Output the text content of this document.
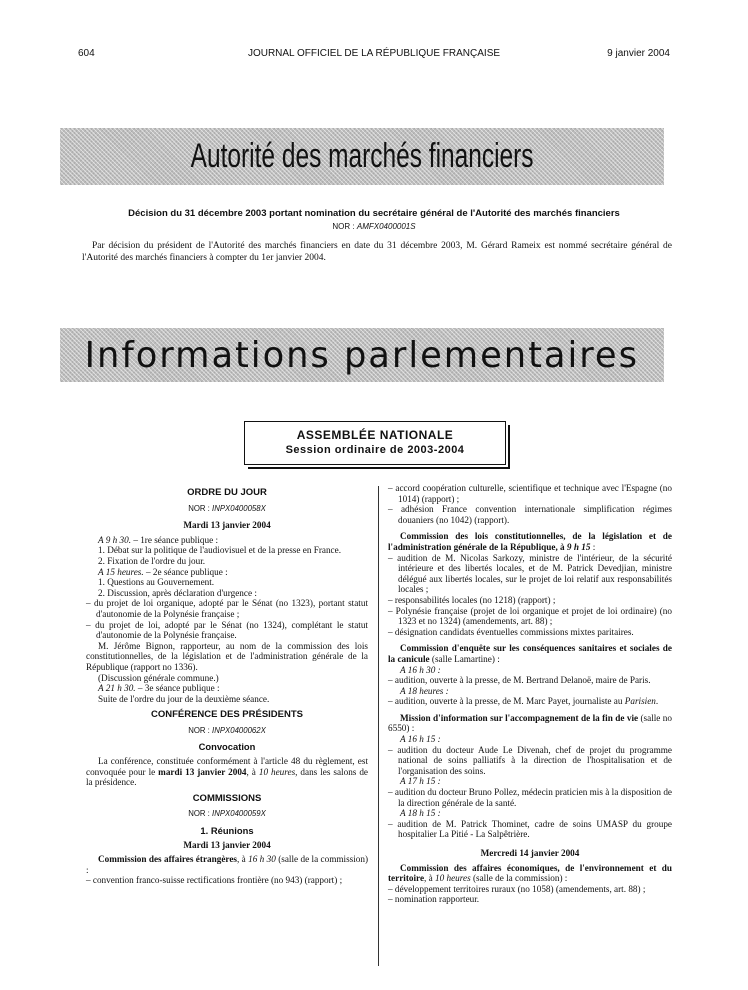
604	JOURNAL OFFICIEL DE LA RÉPUBLIQUE FRANÇAISE	9 janvier 2004
Autorité des marchés financiers
Décision du 31 décembre 2003 portant nomination du secrétaire général de l'Autorité des marchés financiers
NOR : AMFX0400001S
Par décision du président de l'Autorité des marchés financiers en date du 31 décembre 2003, M. Gérard Rameix est nommé secrétaire général de l'Autorité des marchés financiers à compter du 1er janvier 2004.
Informations parlementaires
ASSEMBLÉE NATIONALE
Session ordinaire de 2003-2004

ORDRE DU JOUR

NOR : INPX0400058X

Mardi 13 janvier 2004

A 9 h 30. – 1re séance publique :

1. Débat sur la politique de l'audiovisuel et de la presse en France.

2. Fixation de l'ordre du jour.

A 15 heures. – 2e séance publique :

1. Questions au Gouvernement.

2. Discussion, après déclaration d'urgence :

– du projet de loi organique, adopté par le Sénat (no 1323), portant statut d'autonomie de la Polynésie française ;

– du projet de loi, adopté par le Sénat (no 1324), complétant le statut d'autonomie de la Polynésie française.

M. Jérôme Bignon, rapporteur, au nom de la commission des lois constitutionnelles, de la législation et de l'administration générale de la République (rapport no 1336).

(Discussion générale commune.)

A 21 h 30. – 3e séance publique :

Suite de l'ordre du jour de la deuxième séance.

CONFÉRENCE DES PRÉSIDENTS

NOR : INPX0400062X

Convocation

La conférence, constituée conformément à l'article 48 du règlement, est convoquée pour le mardi 13 janvier 2004, à 10 heures, dans les salons de la présidence.

COMMISSIONS

NOR : INPX0400059X

1. Réunions

Mardi 13 janvier 2004

Commission des affaires étrangères, à 16 h 30 (salle de la commission) :

– convention franco-suisse rectifications frontière (no 943) (rapport) ;

– accord coopération culturelle, scientifique et technique avec l'Espagne (no 1014) (rapport) ;

– adhésion France convention internationale simplification régimes douaniers (no 1042) (rapport).

Commission des lois constitutionnelles, de la législation et de l'administration générale de la République, à 9 h 15 :

– audition de M. Nicolas Sarkozy, ministre de l'intérieur, de la sécurité intérieure et des libertés locales, et de M. Patrick Devedjian, ministre délégué aux libertés locales, sur le projet de loi relatif aux responsabilités locales ;

– responsabilités locales (no 1218) (rapport) ;

– Polynésie française (projet de loi organique et projet de loi ordinaire) (no 1323 et no 1324) (amendements, art. 88) ;

– désignation candidats éventuelles commissions mixtes paritaires.

Commission d'enquête sur les conséquences sanitaires et sociales de la canicule (salle Lamartine) :

A 16 h 30 :

– audition, ouverte à la presse, de M. Bertrand Delanoë, maire de Paris.

A 18 heures :

– audition, ouverte à la presse, de M. Marc Payet, journaliste au Parisien.

Mission d'information sur l'accompagnement de la fin de vie (salle no 6550) :

A 16 h 15 :

– audition du docteur Aude Le Divenah, chef de projet du programme national de soins palliatifs à la direction de l'hospitalisation et de l'organisation des soins.

A 17 h 15 :

– audition du docteur Bruno Pollez, médecin praticien mis à la disposition de la direction générale de la santé.

A 18 h 15 :

– audition de M. Patrick Thominet, cadre de soins UMASP du groupe hospitalier La Pitié - La Salpêtrière.

Mercredi 14 janvier 2004

Commission des affaires économiques, de l'environnement et du territoire, à 10 heures (salle de la commission) :

– développement territoires ruraux (no 1058) (amendements, art. 88) ;

– nomination rapporteur.
